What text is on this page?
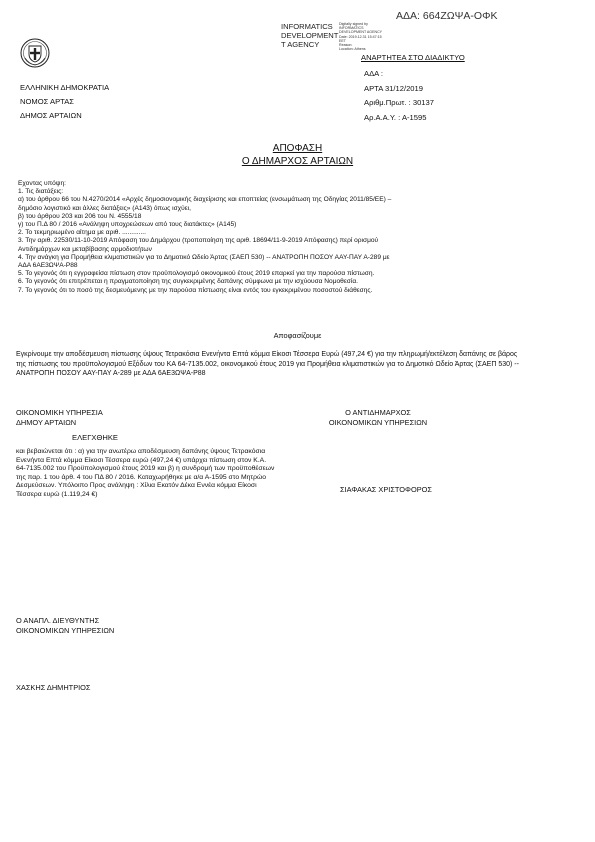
ΑΔΑ: 664ΖΩΨΑ-ΟΦΚ
INFORMATICS
DEVELOPMENT
T AGENCY
Digitally signed by
INFORMATICS
DEVELOPMENT AGENCY
Date: 2019.12.31 15:47:15
EET
Reason:
Location: Athens
ΑΝΑΡΤΗΤΕΑ ΣΤΟ ΔΙΑΔΙΚΤΥΟ
ΕΛΛΗΝΙΚΗ ΔΗΜΟΚΡΑΤΙΑ
ΝΟΜΟΣ ΑΡΤΑΣ
ΔΗΜΟΣ ΑΡΤΑΙΩΝ
ΑΔΑ :
ΑΡΤΑ 31/12/2019
Αριθμ.Πρωτ. : 30137
Αρ.Α.Α.Υ. : Α-1595
ΑΠΟΦΑΣΗ
Ο ΔΗΜΑΡΧΟΣ ΑΡΤΑΙΩΝ
Εχοντας υπόψη:
1. Τις διατάξεις:
α) του άρθρου 66 του Ν.4270/2014 «Αρχές δημοσιονομικής διαχείρισης και εποπτείας (ενσωμάτωση της Οδηγίας 2011/85/ΕΕ) –
δημόσιο λογιστικό και άλλες διατάξεις» (Α143) όπως ισχύει,
β) του άρθρου 203 και 206 του Ν. 4555/18
γ) του Π.Δ 80 / 2016 «Ανάληψη υποχρεώσεων από τους διατάκτες» (Α145)
2. Το τεκμηριωμένο αίτημα με αριθ. .............
3. Την αριθ. 22530/11-10-2019 Απόφαση του Δημάρχου (τροποποίηση της αριθ. 18694/11-9-2019 Απόφασης) περί ορισμού
Αντιδημάρχων και μεταβίβασης αρμοδιοτήτων
4. Την ανάγκη για Προμήθεια κλιματιστικών για το Δημοτικό Ωδείο Άρτας (ΣΑΕΠ 530) -- ΑΝΑΤΡΟΠΗ ΠΟΣΟΥ ΑΑΥ-ΠΑΥ Α-289 με
ΑΔΑ 6ΑΕ3ΩΨΑ-Ρ88
5. Το γεγονός ότι η εγγραφείσα πίστωση στον προϋπολογισμό οικονομικού έτους 2019 επαρκεί για την παρούσα πίστωση.
6. Το γεγονός ότι επιτρέπεται η πραγματοποίηση της συγκεκριμένης δαπάνης σύμφωνα με την ισχύουσα Νομοθεσία.
7. Το γεγονός ότι το ποσό της δεσμευόμενης με την παρούσα πίστωσης είναι εντός του εγκεκριμένου ποσοστού διάθεσης.
Αποφασίζουμε
Εγκρίνουμε την αποδέσμευση πίστωσης ύψους Τετρακόσια Ενενήντα Επτά κόμμα Είκοσι Τέσσερα Ευρώ (497,24 €) για την πληρωμή/εκτέλεση δαπάνης σε βάρος της πίστωσης του προϋπολογισμού Εξόδων του ΚΑ 64-7135.002, οικονομικού έτους 2019 για Προμήθεια κλιματιστικών για το Δημοτικό Ωδείο Άρτας (ΣΑΕΠ 530) -- ΑΝΑΤΡΟΠΗ ΠΟΣΟΥ ΑΑΥ-ΠΑΥ Α-289 με ΑΔΑ 6ΑΕ3ΩΨΑ-Ρ88
ΟΙΚΟΝΟΜΙΚΗ ΥΠΗΡΕΣΙΑ
ΔΗΜΟΥ ΑΡΤΑΙΩΝ
ΕΛΕΓΧΘΗΚΕ
και βεβαιώνεται ότι : α) για την ανωτέρω αποδέσμευση δαπάνης ύψους Τετρακόσια Ενενήντα Επτά κόμμα Είκοσι Τέσσερα ευρώ (497,24 €) υπάρχει πίστωση στον Κ.Α. 64-7135.002 του Προϋπολογισμού έτους 2019 και β) η συνδρομή των προϋποθέσεων της παρ. 1 του άρθ. 4 του ΠΔ 80 / 2016. Καταχωρήθηκε με α/α Α-1595 στο Μητρώο Δεσμεύσεων. Υπόλοιπο Προς ανάληψη : Χίλια Εκατόν Δέκα Εννέα κόμμα Είκοσι Τέσσερα ευρώ (1.119,24 €)
Ο ΑΝΤΙΔΗΜΑΡΧΟΣ
ΟΙΚΟΝΟΜΙΚΩΝ ΥΠΗΡΕΣΙΩΝ
ΣΙΑΦΑΚΑΣ ΧΡΙΣΤΟΦΟΡΟΣ
Ο ΑΝΑΠΛ. ΔΙΕΥΘΥΝΤΗΣ
ΟΙΚΟΝΟΜΙΚΩΝ ΥΠΗΡΕΣΙΩΝ
ΧΑΣΚΗΣ ΔΗΜΗΤΡΙΟΣ
